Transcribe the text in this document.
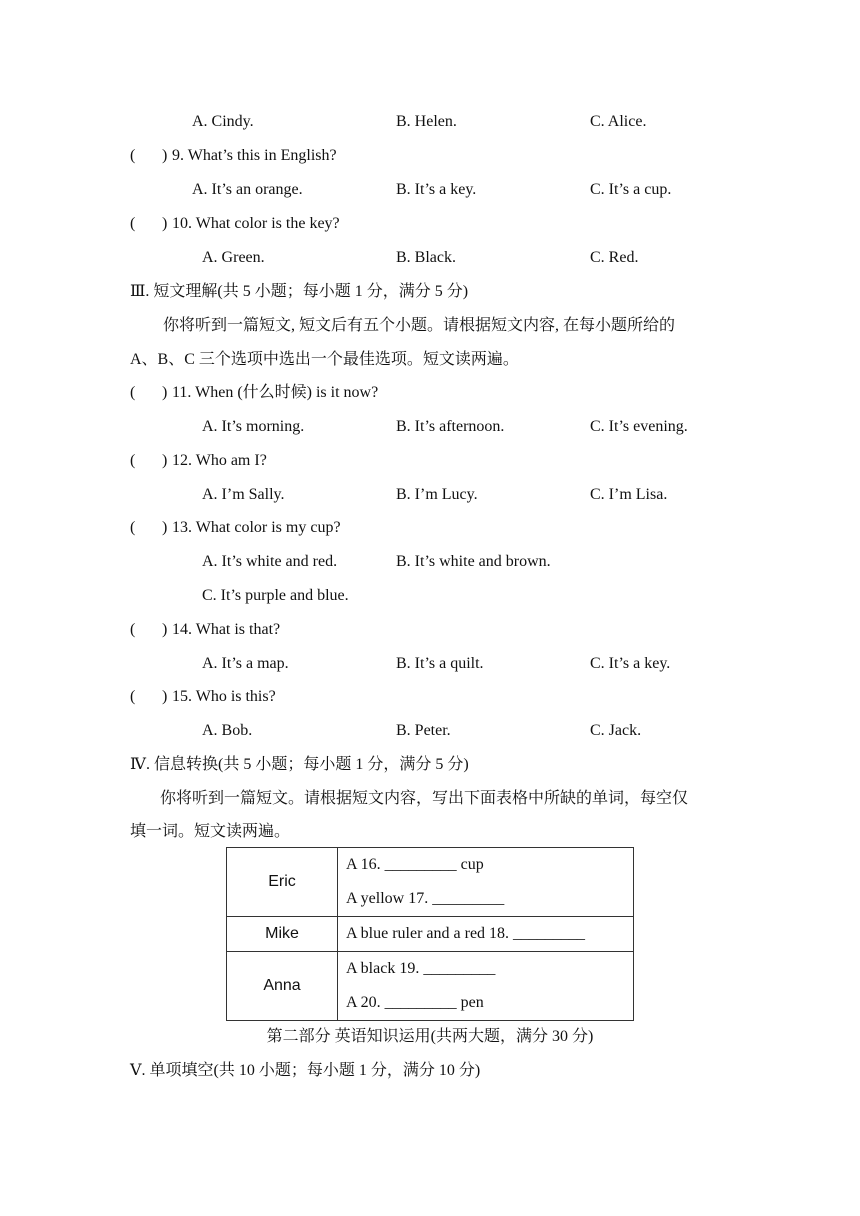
A. Cindy.	B. Helen.	C. Alice.
( ) 9. What’s this in English?
A. It’s an orange.	B. It’s a key.	C. It’s a cup.
( ) 10. What color is the key?
A. Green.	B. Black.	C. Red.
Ⅲ. 短文理解(共 5 小题；每小题 1 分，满分 5 分)
你将听到一篇短文, 短文后有五个小题。请根据短文内容, 在每小题所给的
A、B、C 三个选项中选出一个最佳选项。短文读两遍。
( ) 11. When (什么时候) is it now?
A. It’s morning.	B. It’s afternoon.	C. It’s evening.
( ) 12. Who am I?
A. I’m Sally.	B. I’m Lucy.	C. I’m Lisa.
( ) 13. What color is my cup?
A. It’s white and red.	B. It’s white and brown.
C. It’s purple and blue.
( ) 14. What is that?
A. It’s a map.	B. It’s a quilt.	C. It’s a key.
( ) 15. Who is this?
A. Bob.	B. Peter.	C. Jack.
Ⅳ. 信息转换(共 5 小题；每小题 1 分，满分 5 分)
你将听到一篇短文。请根据短文内容，写出下面表格中所缺的单词，每空仅
填一词。短文读两遍。
Eric	A 16. _________ cup
A yellow 17. _________

Mike	A blue ruler and a red 18. _________

Anna	A black 19. _________
A 20. _________ pen
第二部分 英语知识运用(共两大题，满分 30 分)
Ⅴ. 单项填空(共 10 小题；每小题 1 分，满分 10 分)
